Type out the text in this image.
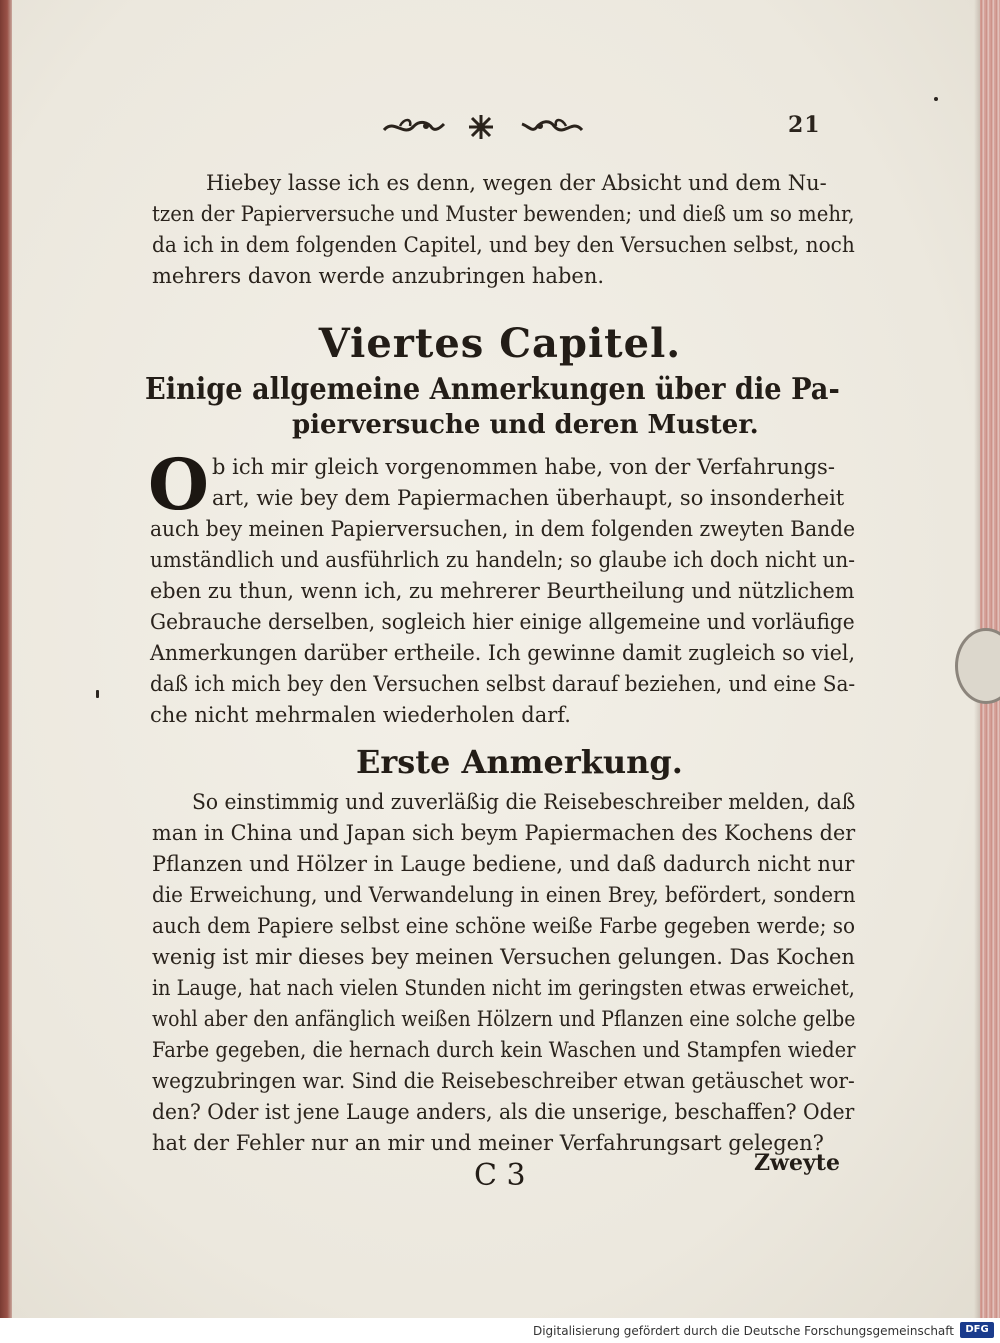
21
Hiebey lasse ich es denn, wegen der Absicht und dem Nu-
tzen der Papierversuche und Muster bewenden; und dieß um so mehr,
da ich in dem folgenden Capitel, und bey den Versuchen selbst, noch
mehrers davon werde anzubringen haben.
Viertes Capitel.
Einige allgemeine Anmerkungen über die Pa-
pierversuche und deren Muster.
O b ich mir gleich vorgenommen habe, von der Verfahrungs-
art, wie bey dem Papiermachen überhaupt, so insonderheit
auch bey meinen Papierversuchen, in dem folgenden zweyten Bande
umständlich und ausführlich zu handeln; so glaube ich doch nicht un-
eben zu thun, wenn ich, zu mehrerer Beurtheilung und nützlichem
Gebrauche derselben, sogleich hier einige allgemeine und vorläufige
Anmerkungen darüber ertheile. Ich gewinne damit zugleich so viel,
daß ich mich bey den Versuchen selbst darauf beziehen, und eine Sa-
che nicht mehrmalen wiederholen darf.
Erste Anmerkung.
So einstimmig und zuverläßig die Reisebeschreiber melden, daß
man in China und Japan sich beym Papiermachen des Kochens der
Pflanzen und Hölzer in Lauge bediene, und daß dadurch nicht nur
die Erweichung, und Verwandelung in einen Brey, befördert, sondern
auch dem Papiere selbst eine schöne weiße Farbe gegeben werde; so
wenig ist mir dieses bey meinen Versuchen gelungen. Das Kochen
in Lauge, hat nach vielen Stunden nicht im geringsten etwas erweichet,
wohl aber den anfänglich weißen Hölzern und Pflanzen eine solche gelbe
Farbe gegeben, die hernach durch kein Waschen und Stampfen wieder
wegzubringen war. Sind die Reisebeschreiber etwan getäuschet wor-
den? Oder ist jene Lauge anders, als die unserige, beschaffen? Oder
hat der Fehler nur an mir und meiner Verfahrungsart gelegen?
C 3	Zweyte
Digitalisierung gefördert durch die Deutsche Forschungsgemeinschaft	DFG
